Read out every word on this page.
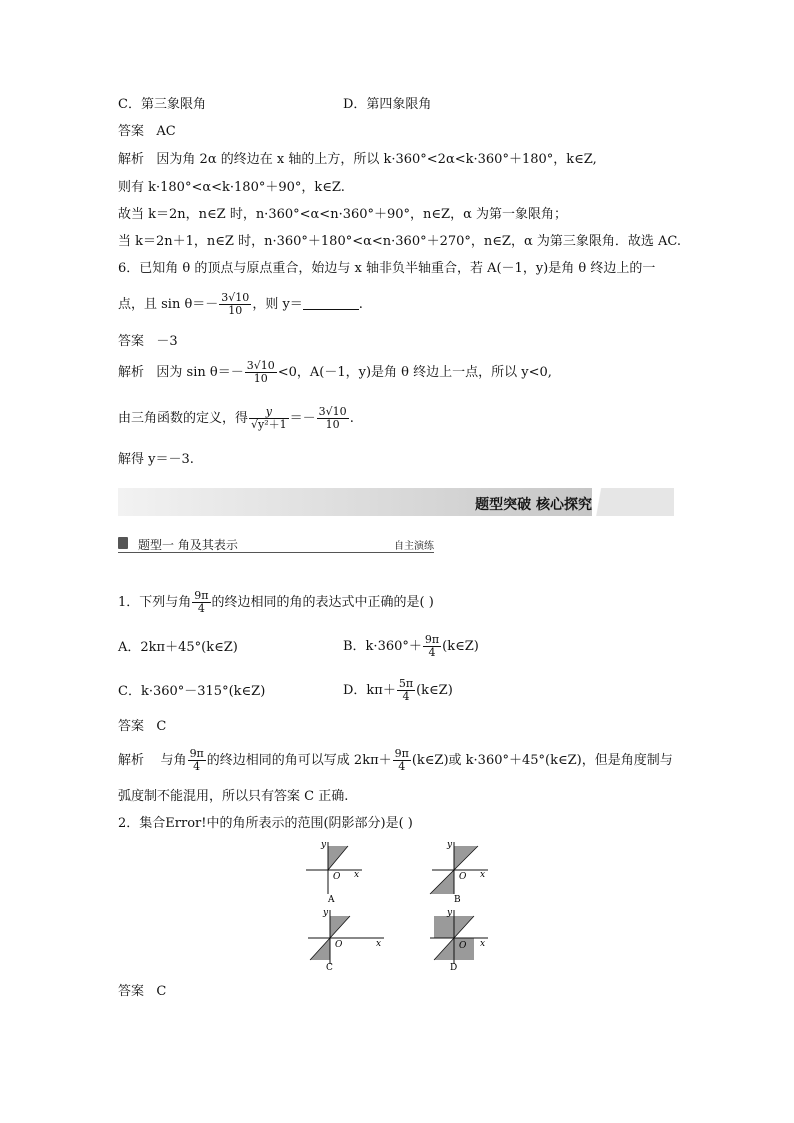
C．第三象限角	D．第四象限角
答案 AC
解析 因为角 2α 的终边在 x 轴的上方，所以 k·360°<2α<k·360°＋180°，k∈Z,
则有 k·180°<α<k·180°＋90°，k∈Z.
故当 k＝2n，n∈Z 时，n·360°<α<n·360°＋90°，n∈Z，α 为第一象限角；
当 k＝2n＋1，n∈Z 时，n·360°＋180°<α<n·360°＋270°，n∈Z，α 为第三象限角．故选 AC.
6．已知角 θ 的顶点与原点重合，始边与 x 轴非负半轴重合，若 A(－1，y)是角 θ 终边上的一
点，且 $\sin \theta=- \frac{3√10}{10}$ ，则 y＝	.
答案 －3
解析 因为 $\sin \theta=- \frac{3√10}{10} <0$，A(－1，y)是角 θ 终边上一点，所以 y<0,
由三角函数的定义，得 $\frac{y}{\text{√y²＋1}} =- \frac{3√10}{10}$ .
解得 y＝－3.
题型突破 核心探究
题型一 角及其表示	自主演练
1．下列与角 $\frac{9\pi}{4}$ 的终边相同的角的表达式中正确的是( )
A．2kπ＋45°(k∈Z)	B．$k\cdot 360^\circ+ \frac{9\pi}{4}$ (k∈Z)
C．k·360°－315°(k∈Z)	D．$k\pi+ \frac{5\pi}{4}$ (k∈Z)
答案 C
解析 与角 $\frac{9\pi}{4}$ 的终边相同的角可以写成 $2k\pi+ \frac{9\pi}{4}$ (k∈Z)或 k·360°＋45°(k∈Z)，但是角度制与
弧度制不能混用，所以只有答案 C 正确.
2．集合Error!中的角所表示的范围(阴影部分)是( )
x
y
O
A
x
y
O
B
x
y
O
C
x
y
O
D
答案 C
